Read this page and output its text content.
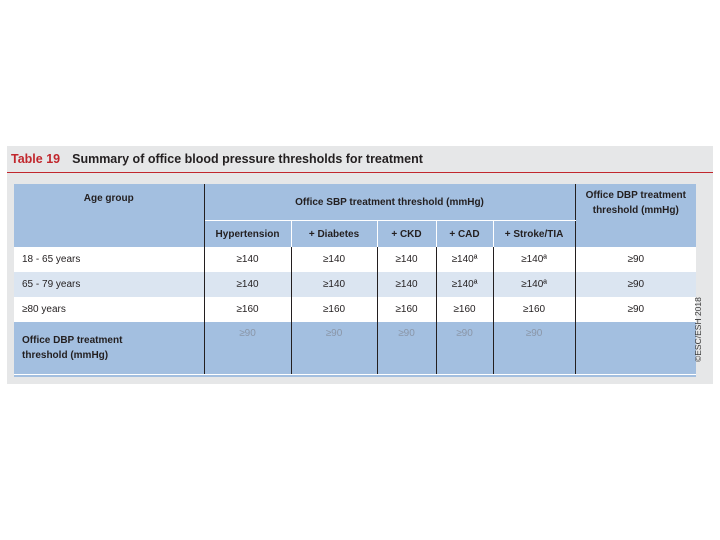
Table 19 Summary of office blood pressure thresholds for treatment
Age group	Office SBP treatment threshold (mmHg)					Office DBP treatment threshold (mmHg)
	Hypertension	+ Diabetes	+ CKD	+ CAD	+ Stroke/TIA	
18 - 65 years	≥140	≥140	≥140	≥140ª	≥140ª	≥90
65 - 79 years	≥140	≥140	≥140	≥140ª	≥140ª	≥90
≥80 years	≥160	≥160	≥160	≥160	≥160	≥90

Office DBP treatment
threshold (mmHg)	≥90	≥90	≥90	≥90	≥90		©ESC/ESH 2018
